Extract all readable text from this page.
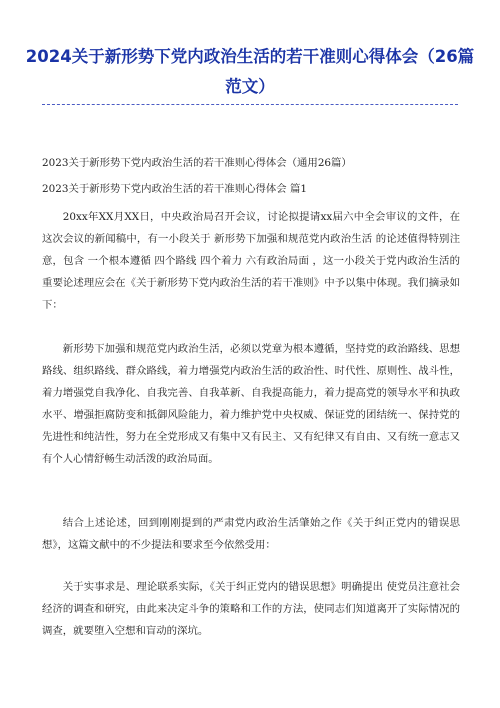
2024关于新形势下党内政治生活的若干准则心得体会（26篇范文）
2023关于新形势下党内政治生活的若干准则心得体会（通用26篇）
2023关于新形势下党内政治生活的若干准则心得体会 篇1

20xx年XX月XX日，中央政治局召开会议，讨论拟提请xx届六中全会审议的文件，在这次会议的新闻稿中，有一小段关于 新形势下加强和规范党内政治生活 的论述值得特别注意，包含 一个根本遵循 四个路线 四个着力 六有政治局面 ，这一小段关于党内政治生活的重要论述理应会在《关于新形势下党内政治生活的若干准则》中予以集中体现。我们摘录如下：

新形势下加强和规范党内政治生活，必须以党章为根本遵循，坚持党的政治路线、思想路线、组织路线、群众路线，着力增强党内政治生活的政治性、时代性、原则性、战斗性，着力增强党自我净化、自我完善、自我革新、自我提高能力，着力提高党的领导水平和执政水平、增强拒腐防变和抵御风险能力，着力维护党中央权威、保证党的团结统一、保持党的先进性和纯洁性，努力在全党形成又有集中又有民主、又有纪律又有自由、又有统一意志又有个人心情舒畅生动活泼的政治局面。

结合上述论述，回到刚刚提到的严肃党内政治生活肇始之作《关于纠正党内的错误思想》，这篇文献中的不少提法和要求至今依然受用：

关于实事求是、理论联系实际，《关于纠正党内的错误思想》明确提出 使党员注意社会经济的调查和研究，由此来决定斗争的策略和工作的方法，使同志们知道离开了实际情况的调查，就要堕入空想和盲动的深坑。
